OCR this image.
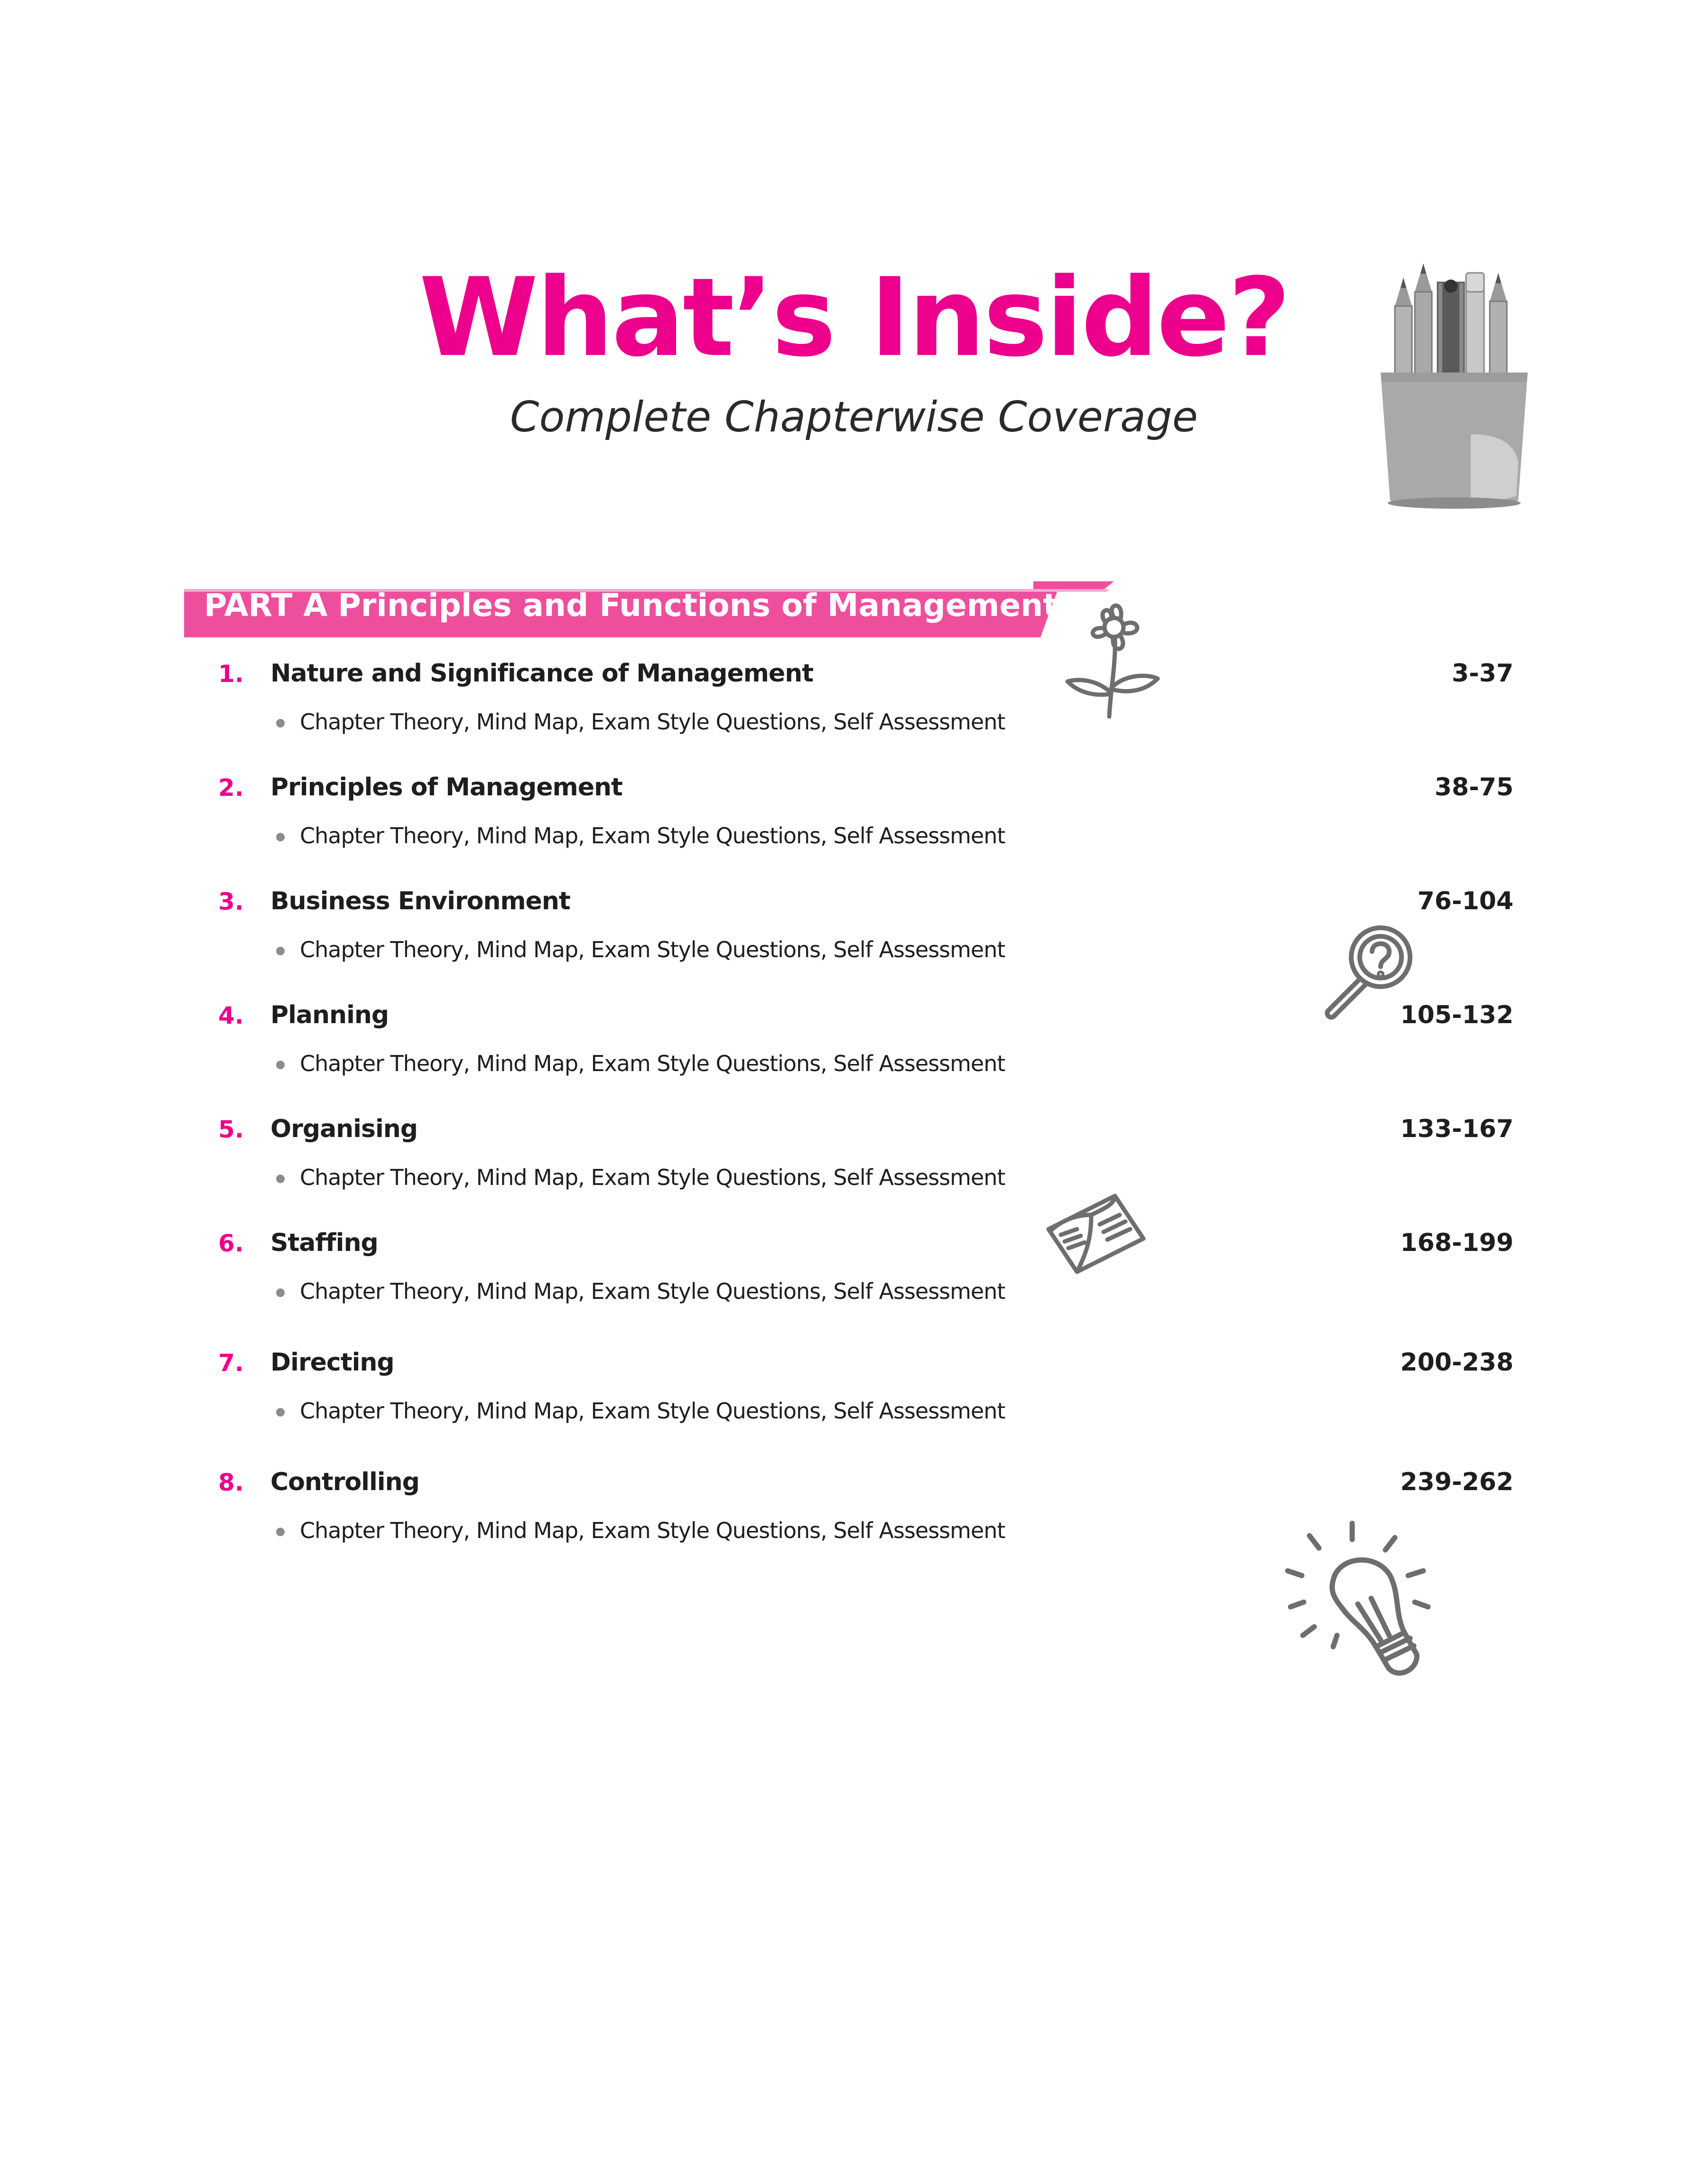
What’s Inside?

Complete Chapterwise Coverage

PART A Principles and Functions of Management
1. Nature and Significance of Management	3-37
Chapter Theory, Mind Map, Exam Style Questions, Self Assessment
2. Principles of Management	38-75
Chapter Theory, Mind Map, Exam Style Questions, Self Assessment
3. Business Environment	76-104
Chapter Theory, Mind Map, Exam Style Questions, Self Assessment
4. Planning	105-132
Chapter Theory, Mind Map, Exam Style Questions, Self Assessment
5. Organising	133-167
Chapter Theory, Mind Map, Exam Style Questions, Self Assessment
6. Staffing	168-199
Chapter Theory, Mind Map, Exam Style Questions, Self Assessment
7. Directing	200-238
Chapter Theory, Mind Map, Exam Style Questions, Self Assessment
8. Controlling	239-262
Chapter Theory, Mind Map, Exam Style Questions, Self Assessment
